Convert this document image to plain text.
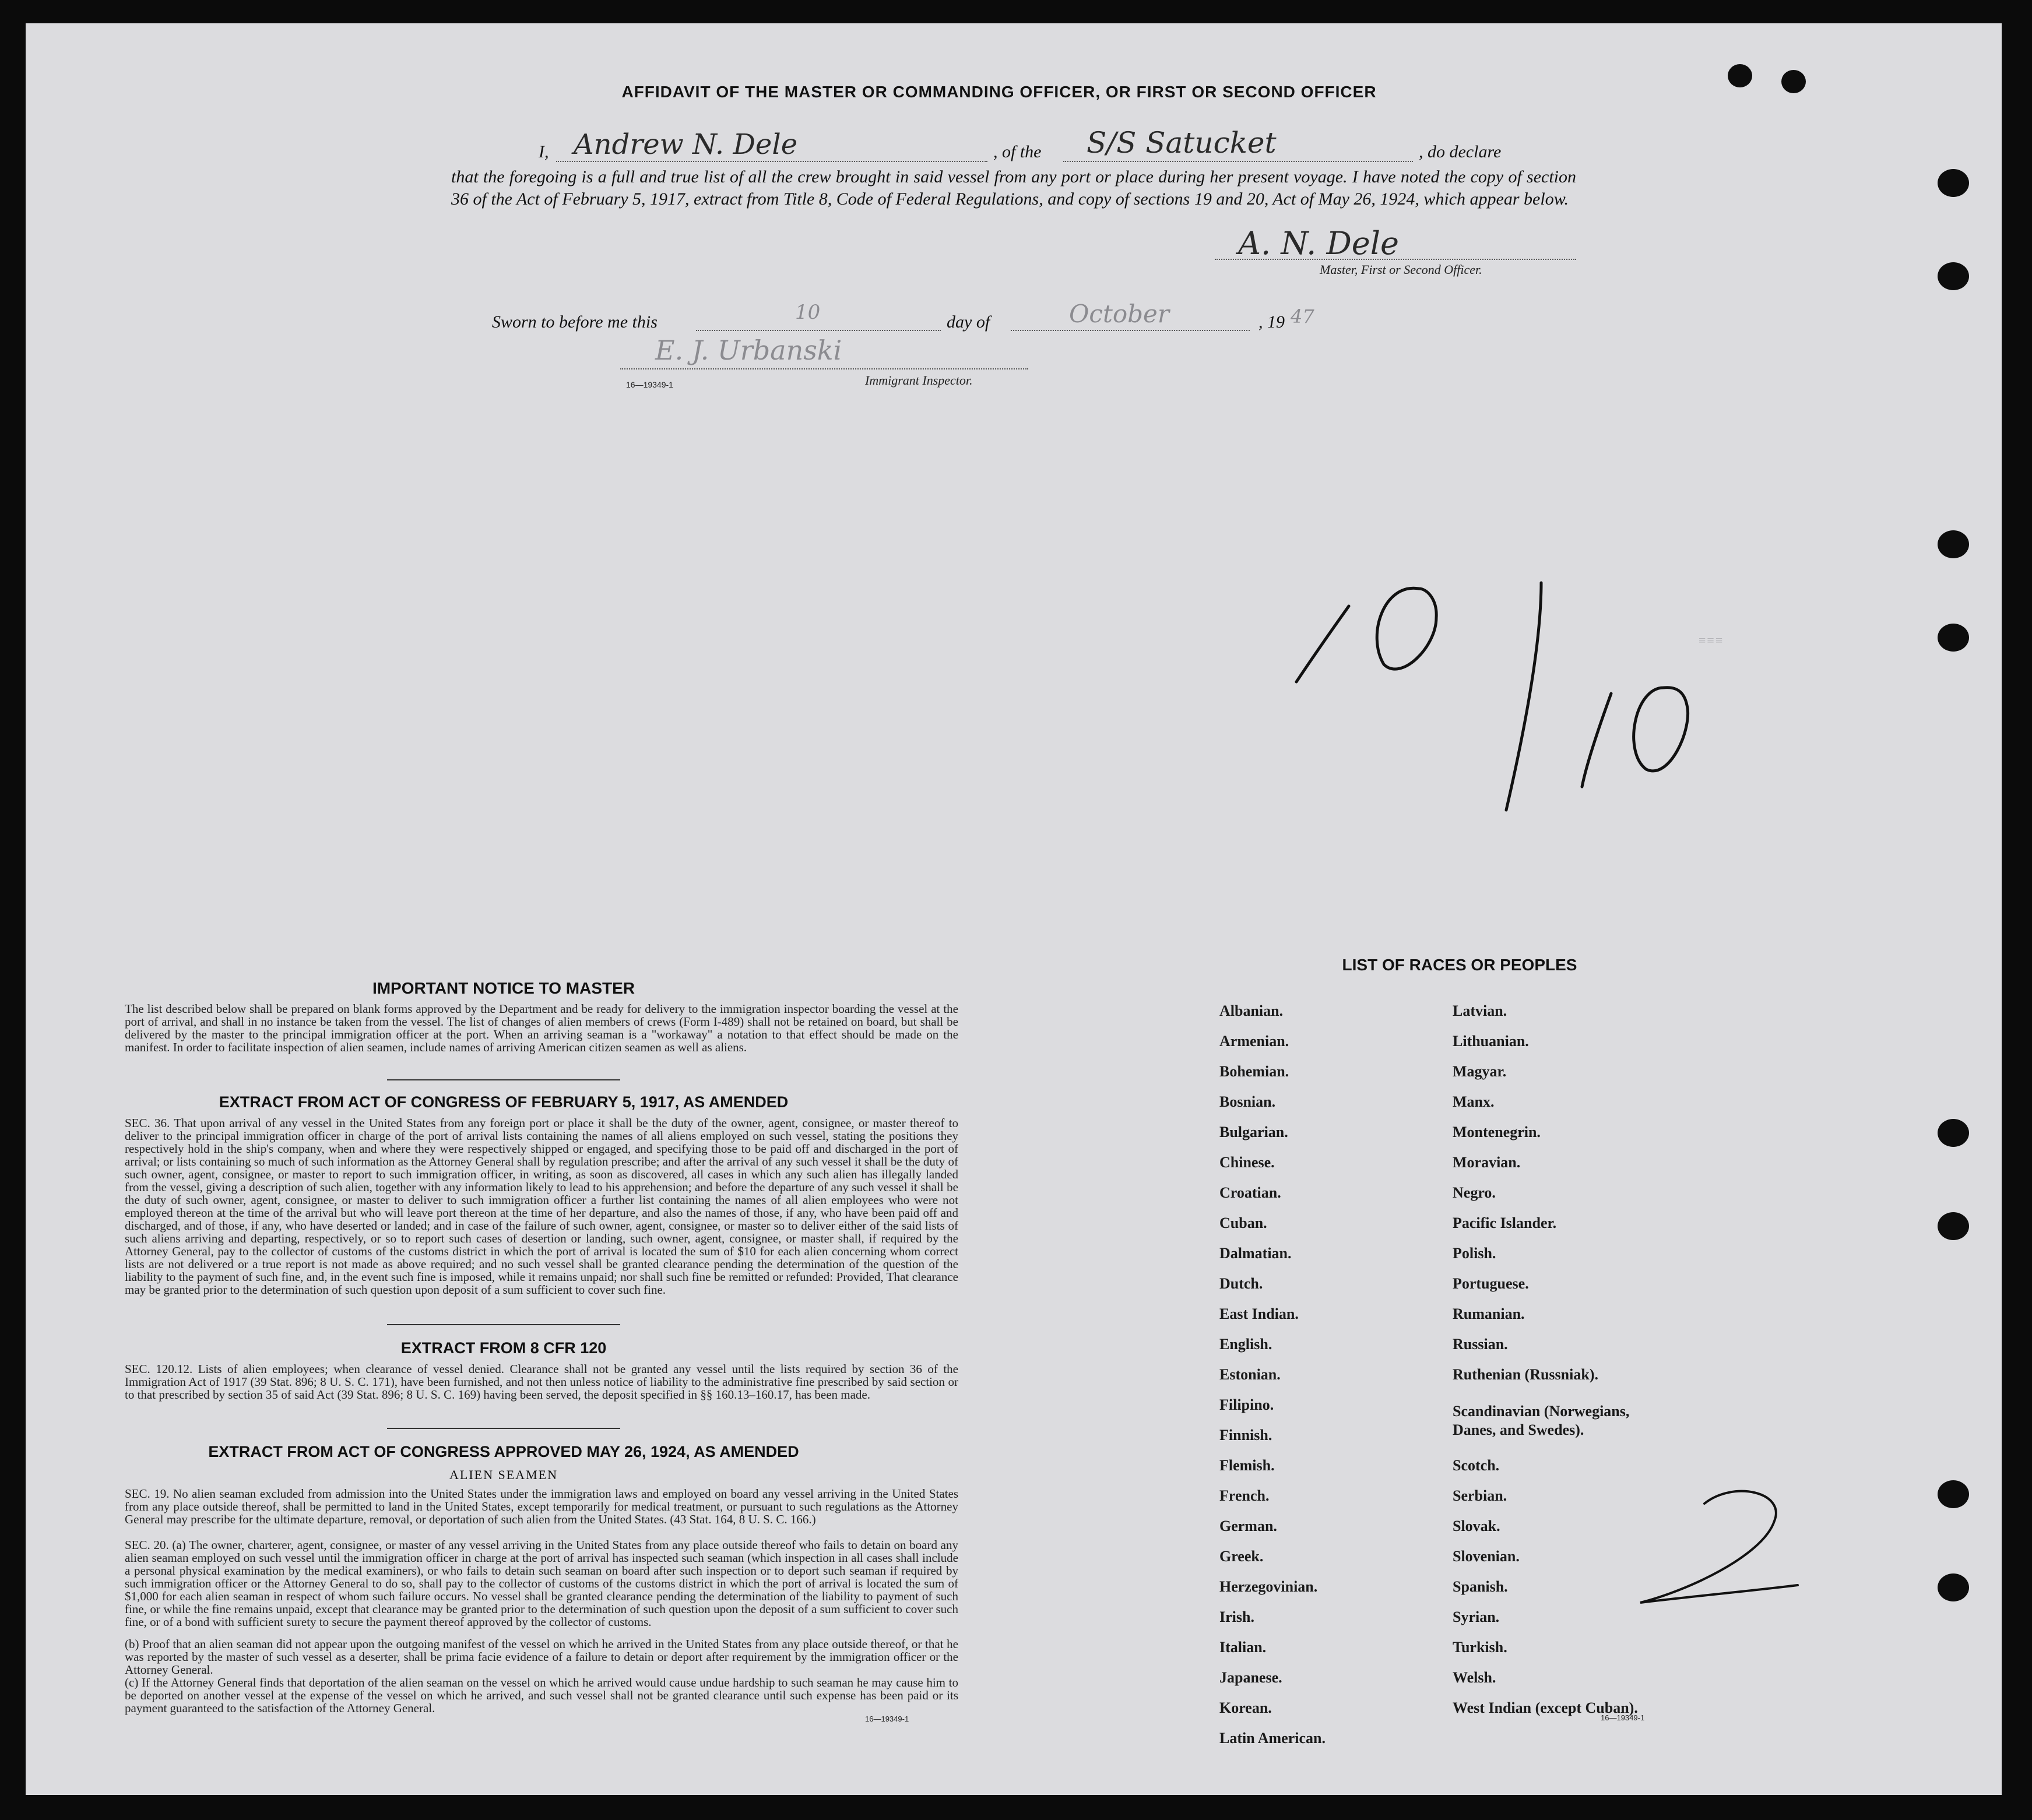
AFFIDAVIT OF THE MASTER OR COMMANDING OFFICER, OR FIRST OR SECOND OFFICER
I, Andrew N. Dele	, of the S/S Satucket	, do declare
that the foregoing is a full and true list of all the crew brought in said vessel from any port or place during her present voyage. I have noted the copy of section 36 of the Act of February 5, 1917, extract from Title 8, Code of Federal Regulations, and copy of sections 19 and 20, Act of May 26, 1924, which appear below.
A. N. Dele
Master, First or Second Officer.
Sworn to before me this	10	day of	October	, 19 47
E. J. Urbanski
16—19349-1	Immigrant Inspector.
≡≡≡
IMPORTANT NOTICE TO MASTER
The list described below shall be prepared on blank forms approved by the Department and be ready for delivery to the immigration inspector boarding the vessel at the port of arrival, and shall in no instance be taken from the vessel. The list of changes of alien members of crews (Form I-489) shall not be retained on board, but shall be delivered by the master to the principal immigration officer at the port. When an arriving seaman is a "workaway" a notation to that effect should be made on the manifest. In order to facilitate inspection of alien seamen, include names of arriving American citizen seamen as well as aliens.
EXTRACT FROM ACT OF CONGRESS OF FEBRUARY 5, 1917, AS AMENDED
SEC. 36. That upon arrival of any vessel in the United States from any foreign port or place it shall be the duty of the owner, agent, consignee, or master thereof to deliver to the principal immigration officer in charge of the port of arrival lists containing the names of all aliens employed on such vessel, stating the positions they respectively hold in the ship's company, when and where they were respectively shipped or engaged, and specifying those to be paid off and discharged in the port of arrival; or lists containing so much of such information as the Attorney General shall by regulation prescribe; and after the arrival of any such vessel it shall be the duty of such owner, agent, consignee, or master to report to such immigration officer, in writing, as soon as discovered, all cases in which any such alien has illegally landed from the vessel, giving a description of such alien, together with any information likely to lead to his apprehension; and before the departure of any such vessel it shall be the duty of such owner, agent, consignee, or master to deliver to such immigration officer a further list containing the names of all alien employees who were not employed thereon at the time of the arrival but who will leave port thereon at the time of her departure, and also the names of those, if any, who have been paid off and discharged, and of those, if any, who have deserted or landed; and in case of the failure of such owner, agent, consignee, or master so to deliver either of the said lists of such aliens arriving and departing, respectively, or so to report such cases of desertion or landing, such owner, agent, consignee, or master shall, if required by the Attorney General, pay to the collector of customs of the customs district in which the port of arrival is located the sum of $10 for each alien concerning whom correct lists are not delivered or a true report is not made as above required; and no such vessel shall be granted clearance pending the determination of the question of the liability to the payment of such fine, and, in the event such fine is imposed, while it remains unpaid; nor shall such fine be remitted or refunded: Provided, That clearance may be granted prior to the determination of such question upon deposit of a sum sufficient to cover such fine.
EXTRACT FROM 8 CFR 120
SEC. 120.12. Lists of alien employees; when clearance of vessel denied. Clearance shall not be granted any vessel until the lists required by section 36 of the Immigration Act of 1917 (39 Stat. 896; 8 U. S. C. 171), have been furnished, and not then unless notice of liability to the administrative fine prescribed by said section or to that prescribed by section 35 of said Act (39 Stat. 896; 8 U. S. C. 169) having been served, the deposit specified in §§ 160.13–160.17, has been made.
EXTRACT FROM ACT OF CONGRESS APPROVED MAY 26, 1924, AS AMENDED
ALIEN SEAMEN
SEC. 19. No alien seaman excluded from admission into the United States under the immigration laws and employed on board any vessel arriving in the United States from any place outside thereof, shall be permitted to land in the United States, except temporarily for medical treatment, or pursuant to such regulations as the Attorney General may prescribe for the ultimate departure, removal, or deportation of such alien from the United States. (43 Stat. 164, 8 U. S. C. 166.)
SEC. 20. (a) The owner, charterer, agent, consignee, or master of any vessel arriving in the United States from any place outside thereof who fails to detain on board any alien seaman employed on such vessel until the immigration officer in charge at the port of arrival has inspected such seaman (which inspection in all cases shall include a personal physical examination by the medical examiners), or who fails to detain such seaman on board after such inspection or to deport such seaman if required by such immigration officer or the Attorney General to do so, shall pay to the collector of customs of the customs district in which the port of arrival is located the sum of $1,000 for each alien seaman in respect of whom such failure occurs. No vessel shall be granted clearance pending the determination of the liability to payment of such fine, or while the fine remains unpaid, except that clearance may be granted prior to the determination of such question upon the deposit of a sum sufficient to cover such fine, or of a bond with sufficient surety to secure the payment thereof approved by the collector of customs.
(b) Proof that an alien seaman did not appear upon the outgoing manifest of the vessel on which he arrived in the United States from any place outside thereof, or that he was reported by the master of such vessel as a deserter, shall be prima facie evidence of a failure to detain or deport after requirement by the immigration officer or the Attorney General.
(c) If the Attorney General finds that deportation of the alien seaman on the vessel on which he arrived would cause undue hardship to such seaman he may cause him to be deported on another vessel at the expense of the vessel on which he arrived, and such vessel shall not be granted clearance until such expense has been paid or its payment guaranteed to the satisfaction of the Attorney General.
16—19349-1
LIST OF RACES OR PEOPLES
Albanian.
Armenian.
Bohemian.
Bosnian.
Bulgarian.
Chinese.
Croatian.
Cuban.
Dalmatian.
Dutch.
East Indian.
English.
Estonian.
Filipino.
Finnish.
Flemish.
French.
German.
Greek.
Herzegovinian.
Irish.
Italian.
Japanese.
Korean.
Latin American.
Latvian.
Lithuanian.
Magyar.
Manx.
Montenegrin.
Moravian.
Negro.
Pacific Islander.
Polish.
Portuguese.
Rumanian.
Russian.
Ruthenian (Russniak).
Scandinavian (Norwegians, Danes, and Swedes).
Scotch.
Serbian.
Slovak.
Slovenian.
Spanish.
Syrian.
Turkish.
Welsh.
West Indian (except Cuban).
16—19349-1
